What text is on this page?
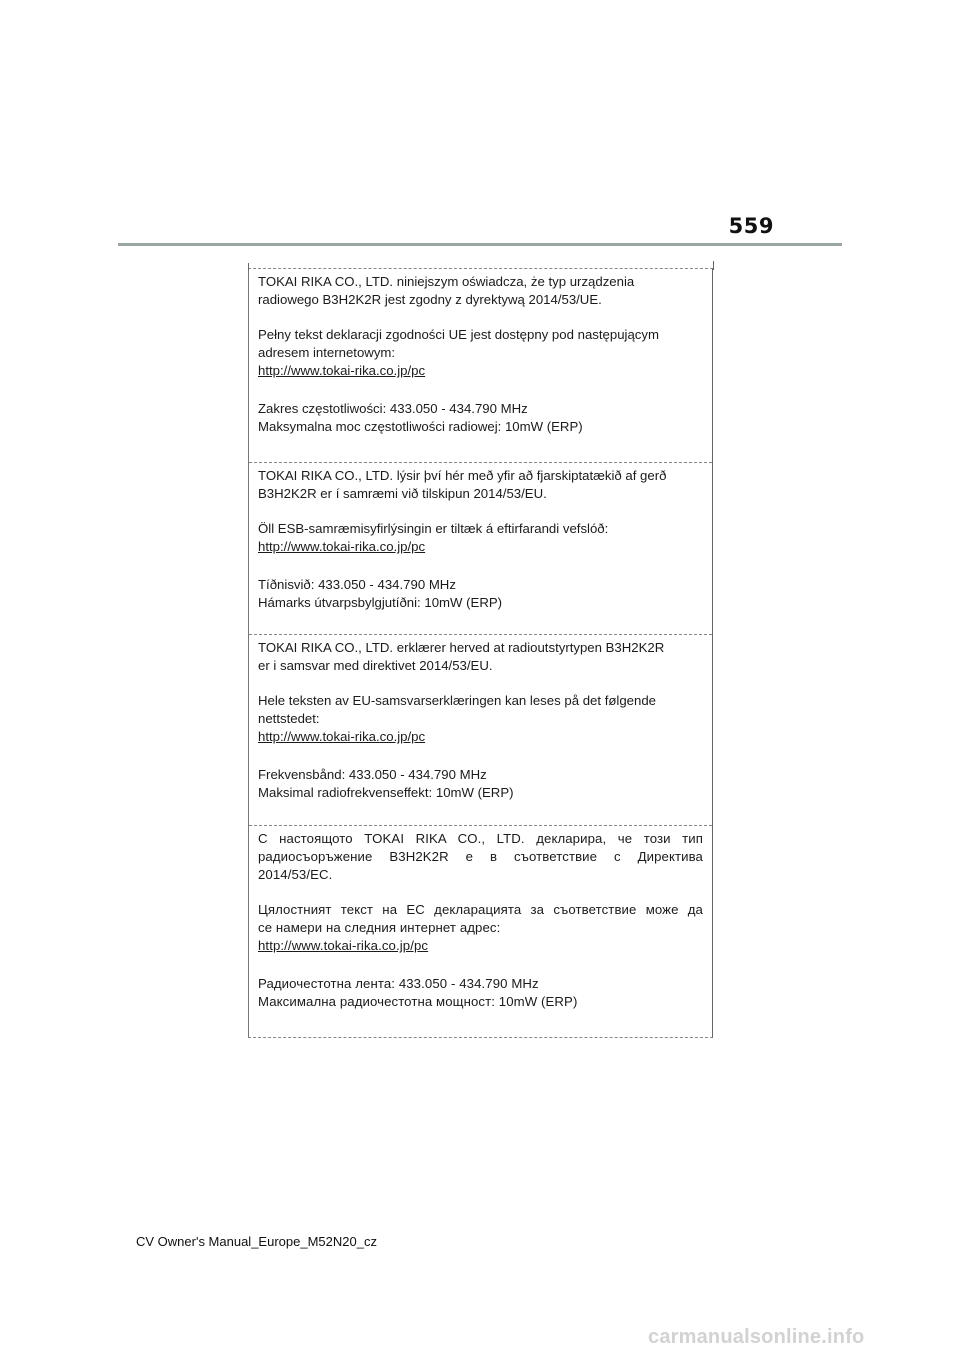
559

TOKAI RIKA CO., LTD. niniejszym oświadcza, że typ urządzenia

radiowego B3H2K2R jest zgodny z dyrektywą 2014/53/UE.

Pełny tekst deklaracji zgodności UE jest dostępny pod następującym

adresem internetowym:

http://www.tokai-rika.co.jp/pc

Zakres częstotliwości: 433.050 - 434.790 MHz

Maksymalna moc częstotliwości radiowej: 10mW (ERP)

TOKAI RIKA CO., LTD. lýsir því hér með yfir að fjarskiptatækið af gerð

B3H2K2R er í samræmi við tilskipun 2014/53/EU.

Öll ESB-samræmisyfirlýsingin er tiltæk á eftirfarandi vefslóð:

http://www.tokai-rika.co.jp/pc

Tíðnisvið: 433.050 - 434.790 MHz

Hámarks útvarpsbylgjutíðni: 10mW (ERP)

TOKAI RIKA CO., LTD. erklærer herved at radioutstyrtypen B3H2K2R

er i samsvar med direktivet 2014/53/EU.

Hele teksten av EU-samsvarserklæringen kan leses på det følgende

nettstedet:

http://www.tokai-rika.co.jp/pc

Frekvensbånd: 433.050 - 434.790 MHz

Maksimal radiofrekvenseffekt: 10mW (ERP)

С настоящото TOKAI RIKA CO., LTD. декларира, че този тип

радиосъоръжение B3H2K2R е в съответствие с Директива

2014/53/EC.

Цялостният текст на ЕС декларацията за съответствие може да

се намери на следния интернет адрес:

http://www.tokai-rika.co.jp/pc

Радиочестотна лента: 433.050 - 434.790 MHz

Максимална радиочестотна мощност: 10mW (ERP)

CV Owner's Manual_Europe_M52N20_cz
carmanualsonline.info
